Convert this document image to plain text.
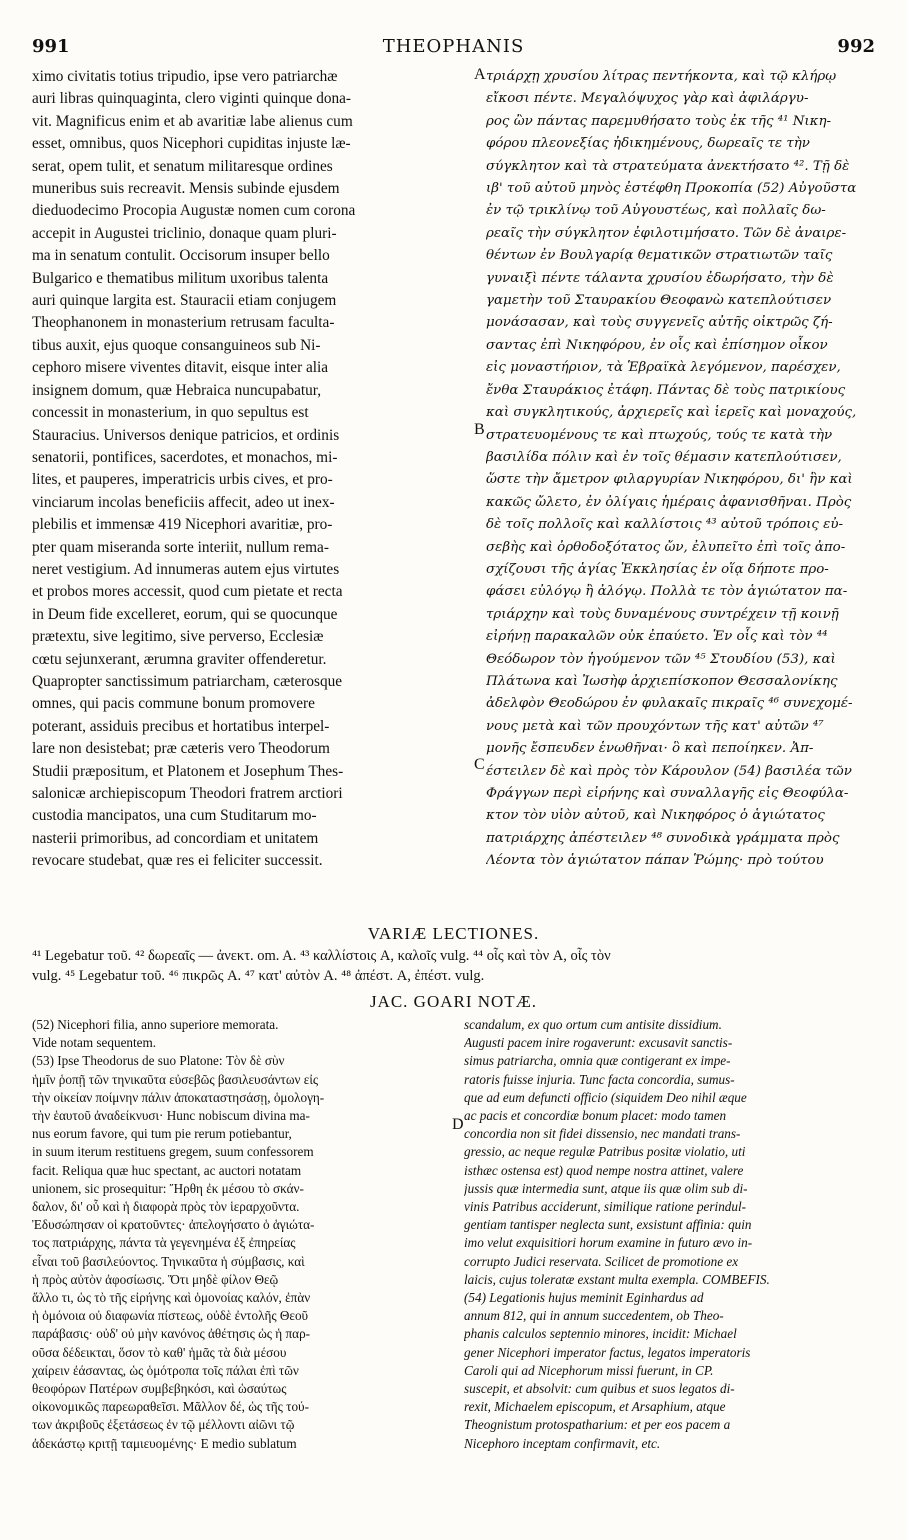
991	THEOPHANIS	992
ximo civitatis totius tripudio, ipse vero patriarchæ
auri libras quinquaginta, clero viginti quinque dona-
vit. Magnificus enim et ab avaritiæ labe alienus cum
esset, omnibus, quos Nicephori cupiditas injuste læ-
serat, opem tulit, et senatum militaresque ordines
muneribus suis recreavit. Mensis subinde ejusdem
dieduodecimo Procopia Augustæ nomen cum corona
accepit in Augustei triclinio, donaque quam pluri-
ma in senatum contulit. Occisorum insuper bello
Bulgarico e thematibus militum uxoribus talenta
auri quinque largita est. Stauracii etiam conjugem
Theophanonem in monasterium retrusam faculta-
tibus auxit, ejus quoque consanguineos sub Ni-
cephoro misere viventes ditavit, eisque inter alia
insignem domum, quæ Hebraica nuncupabatur,
concessit in monasterium, in quo sepultus est
Stauracius. Universos denique patricios, et ordinis
senatorii, pontifices, sacerdotes, et monachos, mi-
lites, et pauperes, imperatricis urbis cives, et pro-
vinciarum incolas beneficiis affecit, adeo ut inex-
plebilis et immensæ 419 Nicephori avaritiæ, pro-
pter quam miseranda sorte interiit, nullum rema-
neret vestigium. Ad innumeras autem ejus virtutes
et probos mores accessit, quod cum pietate et recta
in Deum fide excelleret, eorum, qui se quocunque
prætextu, sive legitimo, sive perverso, Ecclesiæ
cœtu sejunxerant, ærumna graviter offenderetur.
Quapropter sanctissimum patriarcham, cæterosque
omnes, qui pacis commune bonum promovere
poterant, assiduis precibus et hortatibus interpel-
lare non desistebat; præ cæteris vero Theodorum
Studii præpositum, et Platonem et Josephum Thes-
salonicæ archiepiscopum Theodori fratrem arctiori
custodia mancipatos, una cum Studitarum mo-
nasterii primoribus, ad concordiam et unitatem
revocare studebat, quæ res ei feliciter successit.
A
B
C
τριάρχῃ χρυσίου λίτρας πεντήκοντα, καὶ τῷ κλήρῳ
εἴκοσι πέντε. Μεγαλόψυχος γὰρ καὶ ἀφιλάργυ-
ρος ὢν πάντας παρεμυθήσατο τοὺς ἐκ τῆς ⁴¹ Νικη-
φόρου πλεονεξίας ἠδικημένους, δωρεαῖς τε τὴν
σύγκλητον καὶ τὰ στρατεύματα ἀνεκτήσατο ⁴². Τῇ δὲ
ιβ' τοῦ αὐτοῦ μηνὸς ἐστέφθη Προκοπία (52) Αὐγοῦστα
ἐν τῷ τρικλίνῳ τοῦ Αὐγουστέως, καὶ πολλαῖς δω-
ρεαῖς τὴν σύγκλητον ἐφιλοτιμήσατο. Τῶν δὲ ἀναιρε-
θέντων ἐν Βουλγαρίᾳ θεματικῶν στρατιωτῶν ταῖς
γυναιξὶ πέντε τάλαντα χρυσίου ἐδωρήσατο, τὴν δὲ
γαμετὴν τοῦ Σταυρακίου Θεοφανὼ κατεπλούτισεν
μονάσασαν, καὶ τοὺς συγγενεῖς αὐτῆς οἰκτρῶς ζή-
σαντας ἐπὶ Νικηφόρου, ἐν οἷς καὶ ἐπίσημον οἶκον
εἰς μοναστήριον, τὰ Ἑβραϊκὰ λεγόμενον, παρέσχεν,
ἔνθα Σταυράκιος ἐτάφη. Πάντας δὲ τοὺς πατρικίους
καὶ συγκλητικούς, ἀρχιερεῖς καὶ ἱερεῖς καὶ μοναχούς,
στρατευομένους τε καὶ πτωχούς, τούς τε κατὰ τὴν
βασιλίδα πόλιν καὶ ἐν τοῖς θέμασιν κατεπλούτισεν,
ὥστε τὴν ἄμετρον φιλαργυρίαν Νικηφόρου, δι' ἣν καὶ
κακῶς ὤλετο, ἐν ὀλίγαις ἡμέραις ἀφανισθῆναι. Πρὸς
δὲ τοῖς πολλοῖς καὶ καλλίστοις ⁴³ αὐτοῦ τρόποις εὐ-
σεβὴς καὶ ὀρθοδοξότατος ὤν, ἐλυπεῖτο ἐπὶ τοῖς ἀπο-
σχίζουσι τῆς ἁγίας Ἐκκλησίας ἐν οἵᾳ δήποτε προ-
φάσει εὐλόγῳ ἢ ἀλόγῳ. Πολλὰ τε τὸν ἁγιώτατον πα-
τριάρχην καὶ τοὺς δυναμένους συντρέχειν τῇ κοινῇ
εἰρήνῃ παρακαλῶν οὐκ ἐπαύετο. Ἐν οἷς καὶ τὸν ⁴⁴
Θεόδωρον τὸν ἡγούμενον τῶν ⁴⁵ Στουδίου (53), καὶ
Πλάτωνα καὶ Ἰωσὴφ ἀρχιεπίσκοπον Θεσσαλονίκης
ἀδελφὸν Θεοδώρου ἐν φυλακαῖς πικραῖς ⁴⁶ συνεχομέ-
νους μετὰ καὶ τῶν προυχόντων τῆς κατ' αὐτῶν ⁴⁷
μονῆς ἔσπευδεν ἑνωθῆναι· ὃ καὶ πεποίηκεν. Ἀπ-
έστειλεν δὲ καὶ πρὸς τὸν Κάρουλον (54) βασιλέα τῶν
Φράγγων περὶ εἰρήνης καὶ συναλλαγῆς εἰς Θεοφύλα-
κτον τὸν υἱὸν αὐτοῦ, καὶ Νικηφόρος ὁ ἁγιώτατος
πατριάρχης ἀπέστειλεν ⁴⁸ συνοδικὰ γράμματα πρὸς
Λέοντα τὸν ἁγιώτατον πάπαν Ῥώμης· πρὸ τούτου
VARIÆ LECTIONES.
⁴¹ Legebatur τοῦ. ⁴² δωρεαῖς — ἀνεκτ. om. A. ⁴³ καλλίστοις A, καλοῖς vulg. ⁴⁴ οἷς καὶ τὸν A, οἷς τὸν
vulg. ⁴⁵ Legebatur τοῦ. ⁴⁶ πικρῶς A. ⁴⁷ κατ' αὐτὸν A. ⁴⁸ ἀπέστ. A, ἐπέστ. vulg.
JAC. GOARI NOTÆ.
(52) Nicephori filia, anno superiore memorata.
Vide notam sequentem.
(53) Ipse Theodorus de suo Platone: Τὸν δὲ σὺν
ἡμῖν ῥοπῇ τῶν τηνικαῦτα εὐσεβῶς βασιλευσάντων εἰς
τὴν οἰκείαν ποίμνην πάλιν ἀποκαταστησάσῃ, ὁμολογη-
τὴν ἑαυτοῦ ἀναδείκνυσι· Hunc nobiscum divina ma-
nus eorum favore, qui tum pie rerum potiebantur,
in suum iterum restituens gregem, suum confessorem
facit. Reliqua quæ huc spectant, ac auctori notatam
unionem, sic prosequitur: Ἤρθη ἐκ μέσου τὸ σκάν-
δαλον, δι' οὗ καὶ ἡ διαφορὰ πρὸς τὸν ἱεραρχοῦντα.
Ἐδυσώπησαν οἱ κρατοῦντες· ἀπελογήσατο ὁ ἁγιώτα-
τος πατριάρχης, πάντα τὰ γεγενημένα ἐξ ἐπηρείας
εἶναι τοῦ βασιλεύοντος. Τηνικαῦτα ἡ σύμβασις, καὶ
ἡ πρὸς αὐτὸν ἀφοσίωσις. Ὅτι μηδὲ φίλον Θεῷ
ἄλλο τι, ὡς τὸ τῆς εἰρήνης καὶ ὁμονοίας καλόν, ἐπὰν
ἡ ὁμόνοια οὐ διαφωνία πίστεως, οὐδὲ ἐντολῆς Θεοῦ
παράβασις· οὐδ' οὐ μὴν κανόνος ἀθέτησις ὡς ἡ παρ-
οῦσα δέδεικται, ὅσον τὸ καθ' ἡμᾶς τὰ διὰ μέσου
χαίρειν ἐάσαντας, ὡς ὁμότροπα τοῖς πάλαι ἐπὶ τῶν
θεοφόρων Πατέρων συμβεβηκόσι, καὶ ὡσαύτως
οἰκονομικῶς παρεωραθεῖσι. Μᾶλλον δέ, ὡς τῆς τού-
των ἀκριβοῦς ἐξετάσεως ἐν τῷ μέλλοντι αἰῶνι τῷ
ἀδεκάστῳ κριτῇ ταμιευομένης· E medio sublatum
D
scandalum, ex quo ortum cum antisite dissidium.
Augusti pacem inire rogaverunt: excusavit sanctis-
simus patriarcha, omnia quæ contigerant ex impe-
ratoris fuisse injuria. Tunc facta concordia, sumus-
que ad eum defuncti officio (siquidem Deo nihil æque
ac pacis et concordiæ bonum placet: modo tamen
concordia non sit fidei dissensio, nec mandati trans-
gressio, ac neque regulæ Patribus positæ violatio, uti
isthæc ostensa est) quod nempe nostra attinet, valere
jussis quæ intermedia sunt, atque iis quæ olim sub di-
vinis Patribus acciderunt, similique ratione perindul-
gentiam tantisper neglecta sunt, exsistunt affinia: quin
imo velut exquisitiori horum examine in futuro ævo in-
corrupto Judici reservata. Scilicet de promotione ex
laicis, cujus toleratæ exstant multa exempla. COMBEFIS.
(54) Legationis hujus meminit Eginhardus ad
annum 812, qui in annum succedentem, ob Theo-
phanis calculos septennio minores, incidit: Michael
gener Nicephori imperator factus, legatos imperatoris
Caroli qui ad Nicephorum missi fuerunt, in CP.
suscepit, et absolvit: cum quibus et suos legatos di-
rexit, Michaelem episcopum, et Arsaphium, atque
Theognistum protospatharium: et per eos pacem a
Nicephoro inceptam confirmavit, etc.
